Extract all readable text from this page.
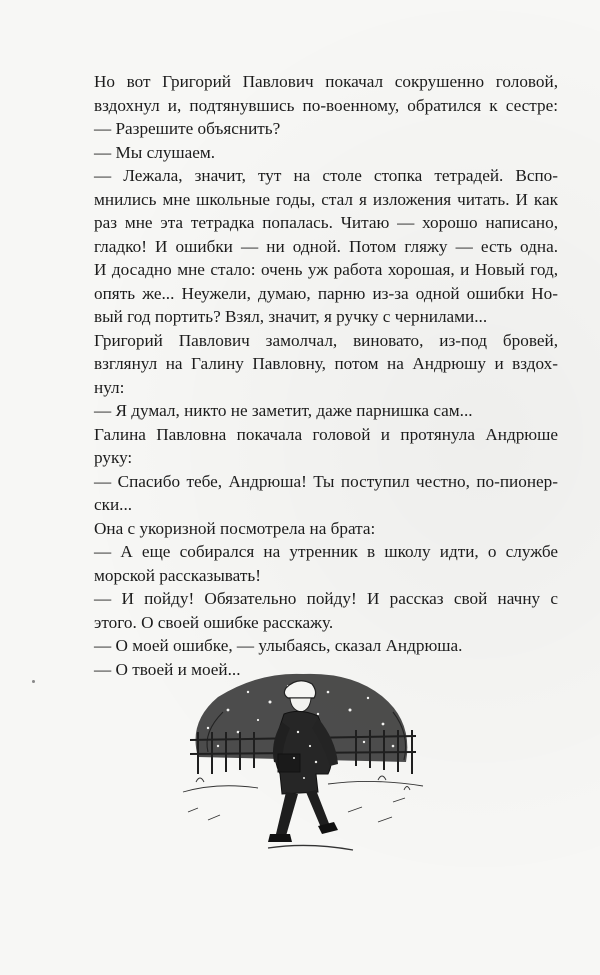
Но вот Григорий Павлович покачал сокрушенно головой,
вздохнул и, подтянувшись по-военному, обратился к сестре:
— Разрешите объяснить?
— Мы слушаем.
— Лежала, значит, тут на столе стопка тетрадей. Вспо-
мнились мне школьные годы, стал я изложения читать. И как
раз мне эта тетрадка попалась. Читаю — хорошо написано,
гладко! И ошибки — ни одной. Потом гляжу — есть одна.
И досадно мне стало: очень уж работа хорошая, и Новый год,
опять же... Неужели, думаю, парню из-за одной ошибки Но-
вый год портить? Взял, значит, я ручку с чернилами...
Григорий Павлович замолчал, виновато, из-под бровей,
взглянул на Галину Павловну, потом на Андрюшу и вздох-
нул:
— Я думал, никто не заметит, даже парнишка сам...
Галина Павловна покачала головой и протянула Андрюше
руку:
— Спасибо тебе, Андрюша! Ты поступил честно, по-пионер-
ски...
Она с укоризной посмотрела на брата:
— А еще собирался на утренник в школу идти, о службе
морской рассказывать!
— И пойду! Обязательно пойду! И рассказ свой начну с
этого. О своей ошибке расскажу.
— О моей ошибке, — улыбаясь, сказал Андрюша.
— О твоей и моей...
